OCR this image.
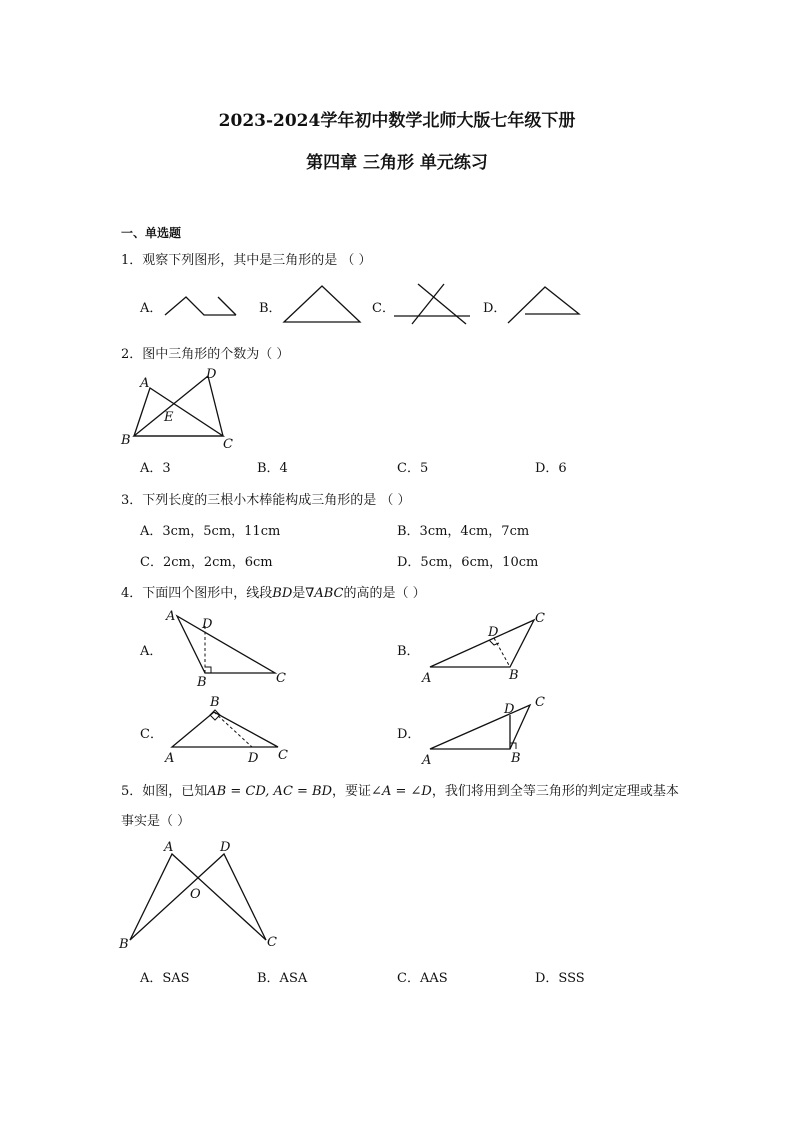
2023-2024学年初中数学北师大版七年级下册
第四章 三角形 单元练习
一、单选题
1．观察下列图形，其中是三角形的是 （ ）
A．	B．	C．	D．
2．图中三角形的个数为（ ）
A
D
E
B	C
A．3	B．4	C．5	D．6
3．下列长度的三根小木棒能构成三角形的是 （ ）
A．3cm，5cm，11cm	B．3cm，4cm，7cm
C．2cm，2cm，6cm	D．5cm，6cm，10cm
4．下面四个图形中，线段BD是∇ABC的高的是（ ）
A．
A
D
B	C
B．
D
C
A	B
C．
B
A	D C
D．
D C
A	B
5．如图，已知AB = CD, AC = BD，要证∠A = ∠D，我们将用到全等三角形的判定定理或基本
事实是（ ）
A	D
O
B	C
A．SAS	B．ASA	C．AAS	D．SSS
